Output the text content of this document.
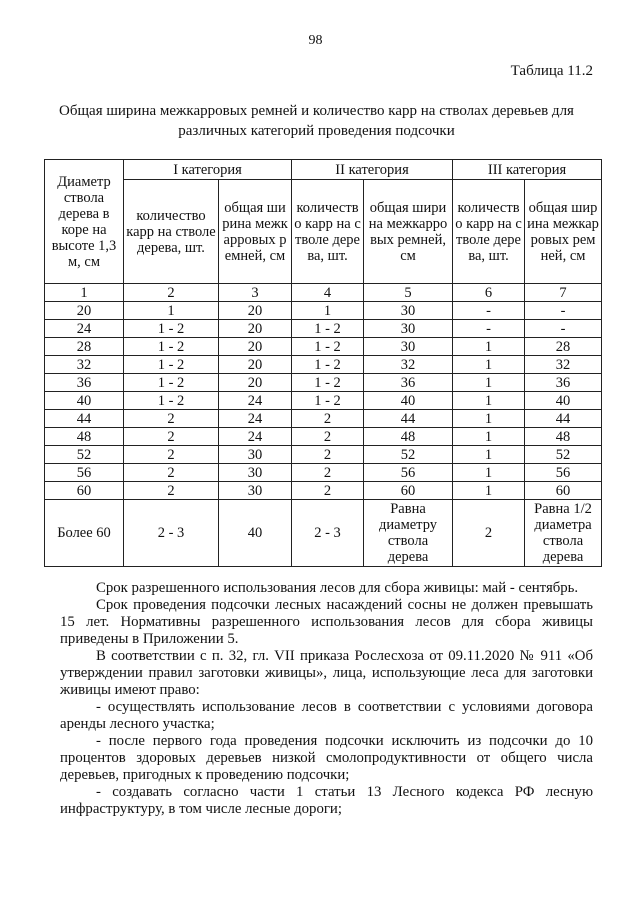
98
Таблица 11.2
Общая ширина межкарровых ремней и количество карр на стволах деревьев для различных категорий проведения подсочки
Диаметр ствола дерева в коре на высоте 1,3 м, см	I категория		II категория		III категория	
	количество карр на стволе дерева, шт.	общая ширина межкарровых ремней, см	количество карр на стволе дерева, шт.	общая ширина межкарровых ремней, см	количество карр на стволе дерева, шт.	общая ширина межкарровых ремней, см
1	2	3	4	5	6	7
20	1	20	1	30	-	-
24	1 - 2	20	1 - 2	30	-	-
28	1 - 2	20	1 - 2	30	1	28
32	1 - 2	20	1 - 2	32	1	32
36	1 - 2	20	1 - 2	36	1	36
40	1 - 2	24	1 - 2	40	1	40
44	2	24	2	44	1	44
48	2	24	2	48	1	48
52	2	30	2	52	1	52
56	2	30	2	56	1	56
60	2	30	2	60	1	60
Более 60	2 - 3	40	2 - 3	Равна диаметру ствола дерева	2	Равна 1/2 диаметра ствола дерева

Срок разрешенного использования лесов для сбора живицы: май - сентябрь.

Срок проведения подсочки лесных насаждений сосны не должен превышать 15 лет. Нормативны разрешенного использования лесов для сбора живицы приведены в Приложении 5.

В соответствии с п. 32, гл. VII приказа Рослесхоза от 09.11.2020 № 911 «Об утверждении правил заготовки живицы», лица, использующие леса для заготовки живицы имеют право:

- осуществлять использование лесов в соответствии с условиями договора аренды лесного участка;

- после первого года проведения подсочки исключить из подсочки до 10 процентов здоровых деревьев низкой смолопродуктивности от общего числа деревьев, пригодных к проведению подсочки;

- создавать согласно части 1 статьи 13 Лесного кодекса РФ лесную инфраструктуру, в том числе лесные дороги;
